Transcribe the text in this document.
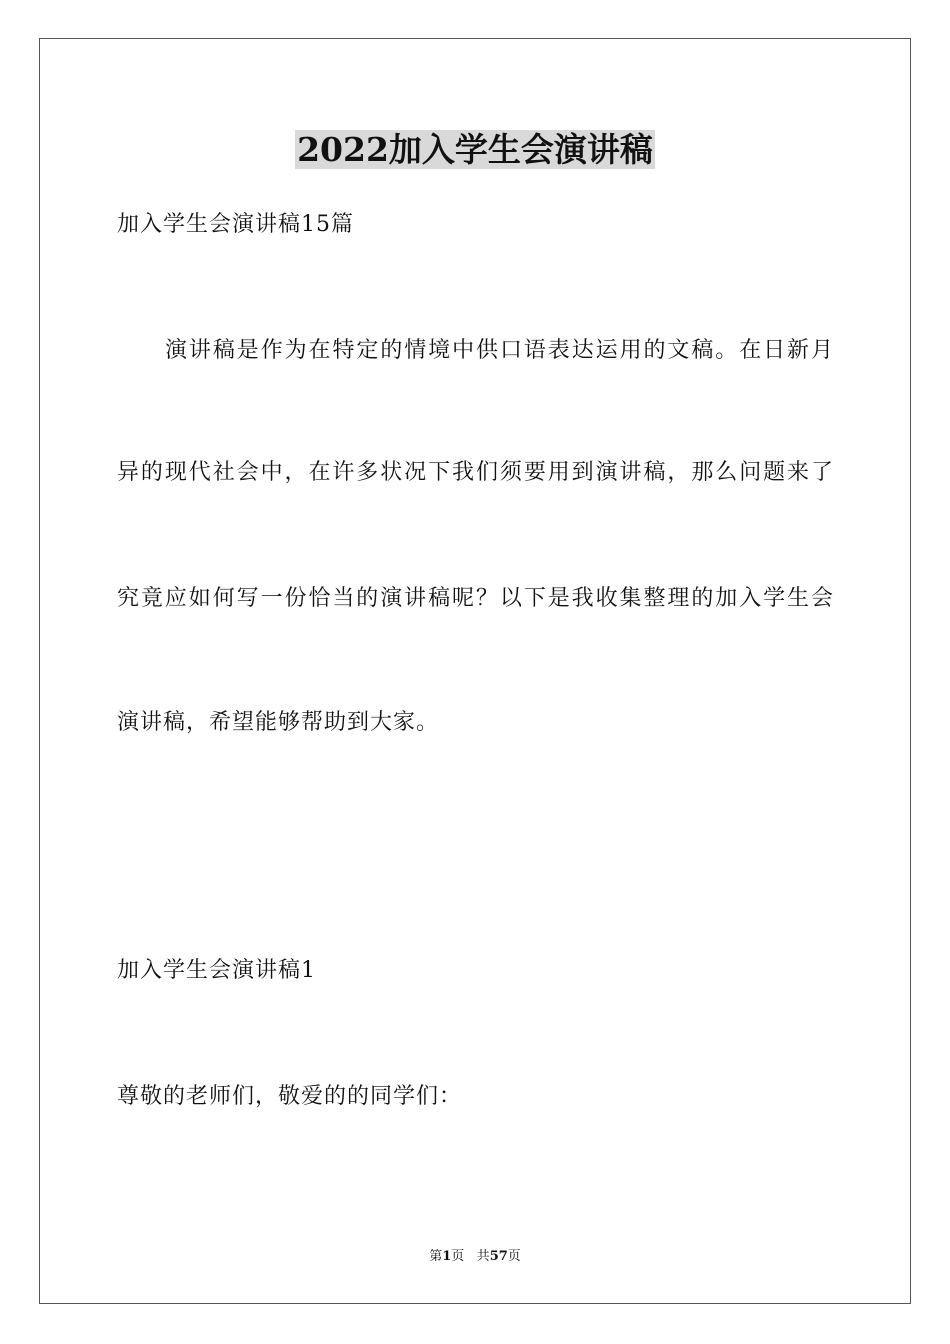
2022加入学生会演讲稿
加入学生会演讲稿15篇
演讲稿是作为在特定的情境中供口语表达运用的文稿。在日新月
异的现代社会中，在许多状况下我们须要用到演讲稿，那么问题来了
究竟应如何写一份恰当的演讲稿呢？以下是我收集整理的加入学生会
演讲稿，希望能够帮助到大家。
加入学生会演讲稿1
尊敬的老师们，敬爱的的同学们：
第1页 共57页
